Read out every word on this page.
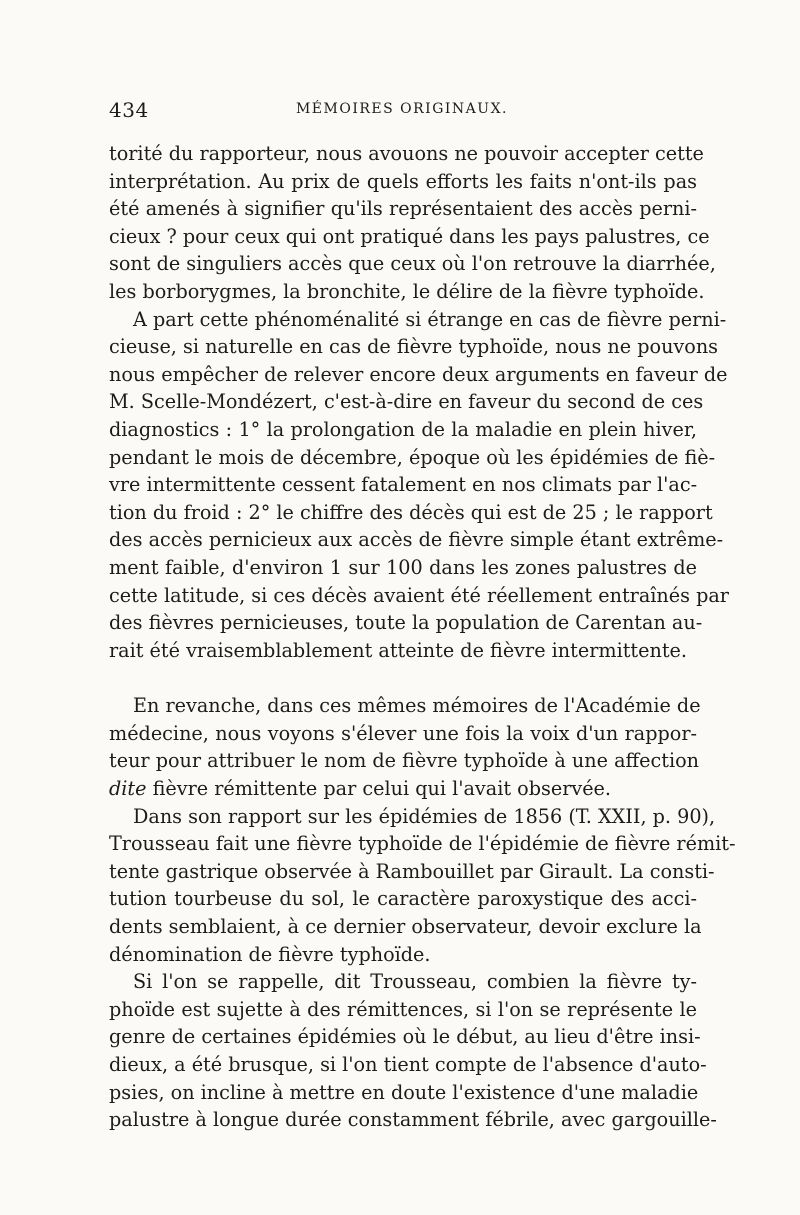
434	MÉMOIRES ORIGINAUX.

torité du rapporteur, nous avouons ne pouvoir accepter cette
interprétation. Au prix de quels efforts les faits n'ont-ils pas
été amenés à signifier qu'ils représentaient des accès perni-
cieux ? pour ceux qui ont pratiqué dans les pays palustres, ce
sont de singuliers accès que ceux où l'on retrouve la diarrhée,
les borborygmes, la bronchite, le délire de la fièvre typhoïde.

A part cette phénoménalité si étrange en cas de fièvre perni-
cieuse, si naturelle en cas de fièvre typhoïde, nous ne pouvons
nous empêcher de relever encore deux arguments en faveur de
M. Scelle-Mondézert, c'est-à-dire en faveur du second de ces
diagnostics : 1° la prolongation de la maladie en plein hiver,
pendant le mois de décembre, époque où les épidémies de fiè-
vre intermittente cessent fatalement en nos climats par l'ac-
tion du froid : 2° le chiffre des décès qui est de 25 ; le rapport
des accès pernicieux aux accès de fièvre simple étant extrême-
ment faible, d'environ 1 sur 100 dans les zones palustres de
cette latitude, si ces décès avaient été réellement entraînés par
des fièvres pernicieuses, toute la population de Carentan au-
rait été vraisemblablement atteinte de fièvre intermittente.

En revanche, dans ces mêmes mémoires de l'Académie de
médecine, nous voyons s'élever une fois la voix d'un rappor-
teur pour attribuer le nom de fièvre typhoïde à une affection
dite fièvre rémittente par celui qui l'avait observée.

Dans son rapport sur les épidémies de 1856 (T. XXII, p. 90),
Trousseau fait une fièvre typhoïde de l'épidémie de fièvre rémit-
tente gastrique observée à Rambouillet par Girault. La consti-
tution tourbeuse du sol, le caractère paroxystique des acci-
dents semblaient, à ce dernier observateur, devoir exclure la
dénomination de fièvre typhoïde.

Si l'on se rappelle, dit Trousseau, combien la fièvre ty-
phoïde est sujette à des rémittences, si l'on se représente le
genre de certaines épidémies où le début, au lieu d'être insi-
dieux, a été brusque, si l'on tient compte de l'absence d'auto-
psies, on incline à mettre en doute l'existence d'une maladie
palustre à longue durée constamment fébrile, avec gargouille-
